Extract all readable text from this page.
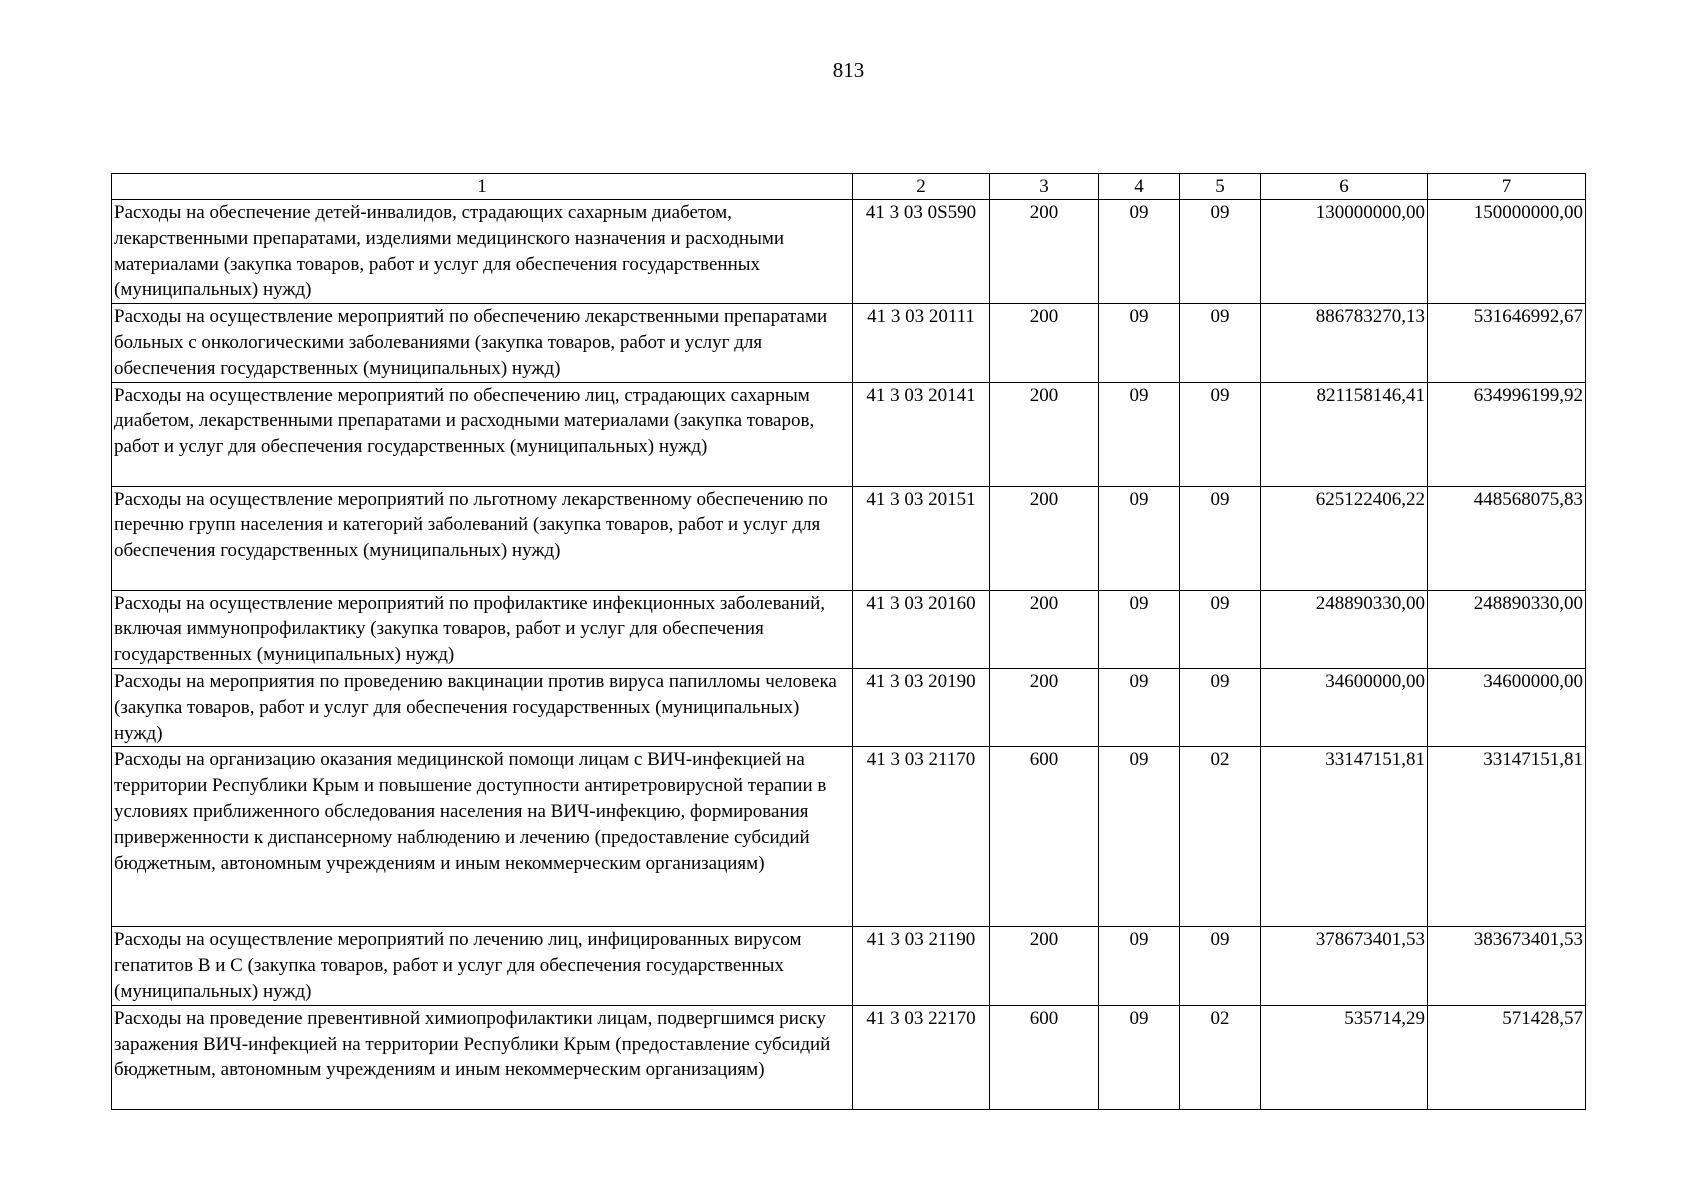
813
1	2	3	4	5	6	7
Расходы на обеспечение детей-инвалидов, страдающих сахарным диабетом, лекарственными препаратами, изделиями медицинского назначения и расходными материалами (закупка товаров, работ и услуг для обеспечения государственных (муниципальных) нужд)	41 3 03 0S590	200	09	09	130000000,00	150000000,00
Расходы на осуществление мероприятий по обеспечению лекарственными препаратами больных с онкологическими заболеваниями (закупка товаров, работ и услуг для обеспечения государственных (муниципальных) нужд)	41 3 03 20111	200	09	09	886783270,13	531646992,67
Расходы на осуществление мероприятий по обеспечению лиц, страдающих сахарным диабетом, лекарственными препаратами и расходными материалами (закупка товаров, работ и услуг для обеспечения государственных (муниципальных) нужд)	41 3 03 20141	200	09	09	821158146,41	634996199,92
Расходы на осуществление мероприятий по льготному лекарственному обеспечению по перечню групп населения и категорий заболеваний (закупка товаров, работ и услуг для обеспечения государственных (муниципальных) нужд)	41 3 03 20151	200	09	09	625122406,22	448568075,83
Расходы на осуществление мероприятий по профилактике инфекционных заболеваний, включая иммунопрофилактику (закупка товаров, работ и услуг для обеспечения государственных (муниципальных) нужд)	41 3 03 20160	200	09	09	248890330,00	248890330,00
Расходы на мероприятия по проведению вакцинации против вируса папилломы человека (закупка товаров, работ и услуг для обеспечения государственных (муниципальных) нужд)	41 3 03 20190	200	09	09	34600000,00	34600000,00
Расходы на организацию оказания медицинской помощи лицам с ВИЧ-инфекцией на территории Республики Крым и повышение доступности антиретровирусной терапии в условиях приближенного обследования населения на ВИЧ-инфекцию, формирования приверженности к диспансерному наблюдению и лечению (предоставление субсидий бюджетным, автономным учреждениям и иным некоммерческим организациям)	41 3 03 21170	600	09	02	33147151,81	33147151,81
Расходы на осуществление мероприятий по лечению лиц, инфицированных вирусом гепатитов В и С (закупка товаров, работ и услуг для обеспечения государственных (муниципальных) нужд)	41 3 03 21190	200	09	09	378673401,53	383673401,53
Расходы на проведение превентивной химиопрофилактики лицам, подвергшимся риску заражения ВИЧ-инфекцией на территории Республики Крым (предоставление субсидий бюджетным, автономным учреждениям и иным некоммерческим организациям)	41 3 03 22170	600	09	02	535714,29	571428,57
